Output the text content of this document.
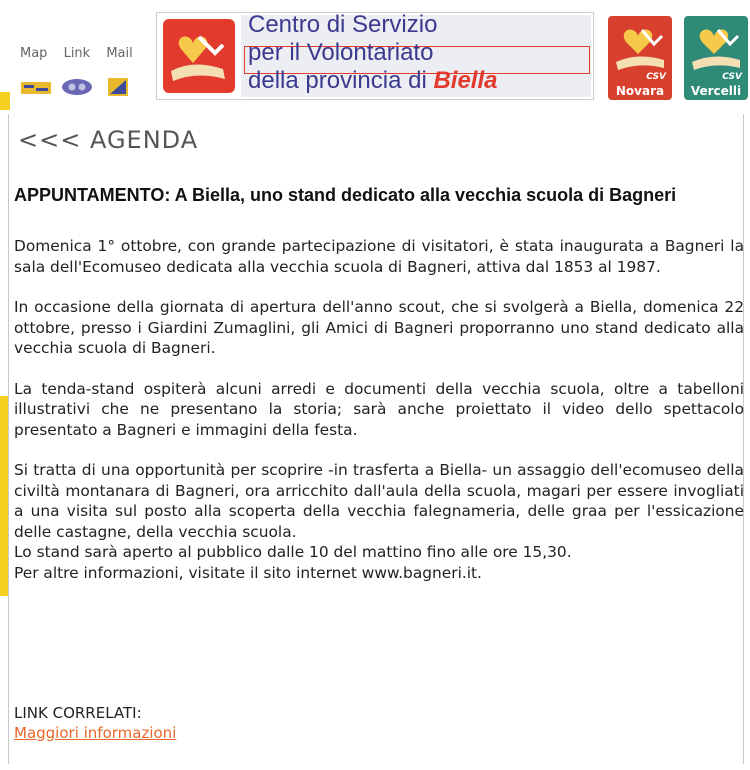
Map Link Mail
Centro di Servizio
per il Volontariato
della provincia di Biella	CSV
Novara
CSV
Vercelli
<<< AGENDA
APPUNTAMENTO: A Biella, uno stand dedicato alla vecchia scuola di Bagneri

Domenica 1° ottobre, con grande partecipazione di visitatori, è stata inaugurata a Bagneri la sala dell'Ecomuseo dedicata alla vecchia scuola di Bagneri, attiva dal 1853 al 1987.

In occasione della giornata di apertura dell'anno scout, che si svolgerà a Biella, domenica 22 ottobre, presso i Giardini Zumaglini, gli Amici di Bagneri proporranno uno stand dedicato alla vecchia scuola di Bagneri.

La tenda-stand ospiterà alcuni arredi e documenti della vecchia scuola, oltre a tabelloni illustrativi che ne presentano la storia; sarà anche proiettato il video dello spettacolo presentato a Bagneri e immagini della festa.

Si tratta di una opportunità per scoprire -in trasferta a Biella- un assaggio dell'ecomuseo della civiltà montanara di Bagneri, ora arricchito dall'aula della scuola, magari per essere invogliati a una visita sul posto alla scoperta della vecchia falegnameria, delle graa per l'essicazione delle castagne, della vecchia scuola.

Lo stand sarà aperto al pubblico dalle 10 del mattino fino alle ore 15,30.

Per altre informazioni, visitate il sito internet www.bagneri.it.

LINK CORRELATI:
Maggiori informazioni
